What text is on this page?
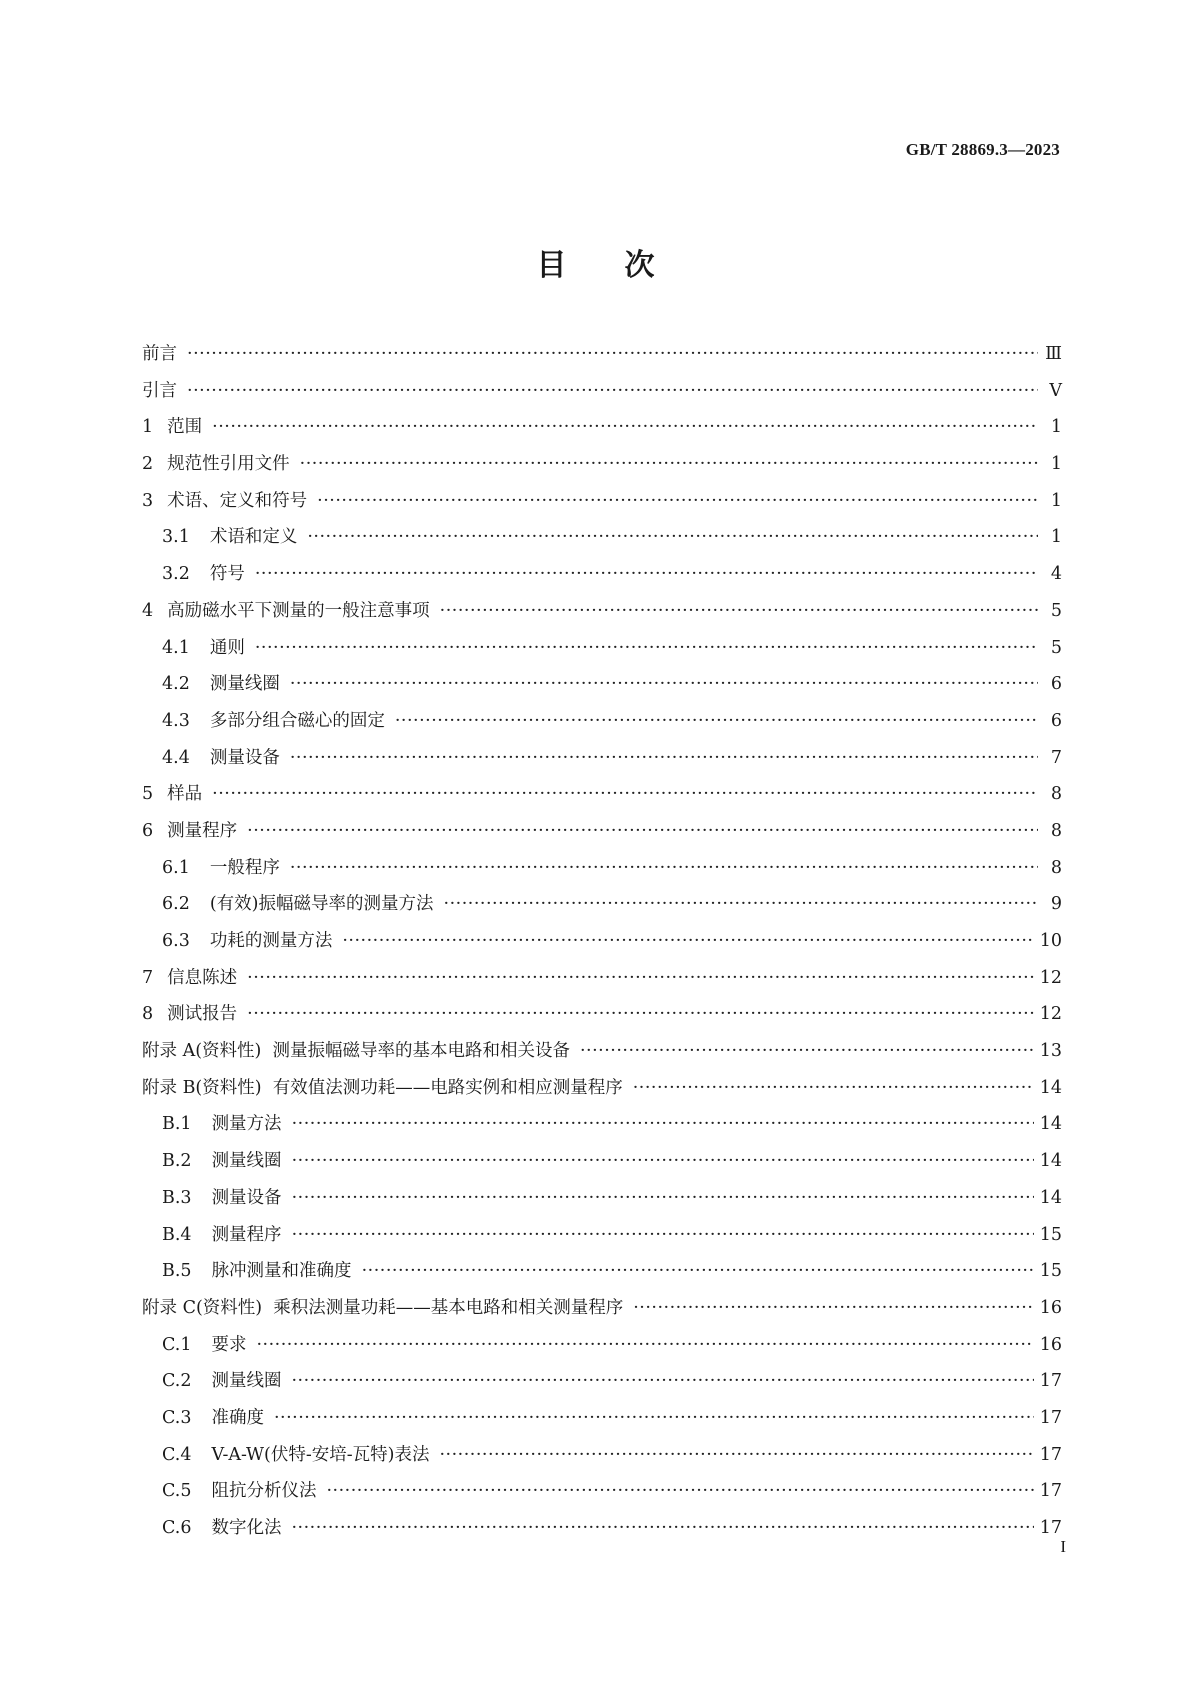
GB/T 28869.3—2023
目次
前言 ·····	Ⅲ
引言 ·····	Ⅴ
1 范围 ·····	1
2 规范性引用文件 ·····	1
3 术语、定义和符号 ·····	1
3.1 术语和定义 ·····	1
3.2 符号 ·····	4
4 高励磁水平下测量的一般注意事项 ·····	5
4.1 通则 ·····	5
4.2 测量线圈 ·····	6
4.3 多部分组合磁心的固定 ·····	6
4.4 测量设备 ·····	7
5 样品 ·····	8
6 测量程序 ·····	8
6.1 一般程序 ·····	8
6.2 (有效)振幅磁导率的测量方法 ·····	9
6.3 功耗的测量方法 ·····	10
7 信息陈述 ·····	12
8 测试报告 ·····	12
附录 A(资料性)  测量振幅磁导率的基本电路和相关设备 ·····	13
附录 B(资料性)  有效值法测功耗——电路实例和相应测量程序 ·····	14
B.1 测量方法 ·····	14
B.2 测量线圈 ·····	14
B.3 测量设备 ·····	14
B.4 测量程序 ·····	15
B.5 脉冲测量和准确度 ·····	15
附录 C(资料性)  乘积法测量功耗——基本电路和相关测量程序 ·····	16
C.1 要求 ·····	16
C.2 测量线圈 ·····	17
C.3 准确度 ·····	17
C.4 V-A-W(伏特-安培-瓦特)表法 ·····	17
C.5 阻抗分析仪法 ·····	17
C.6 数字化法 ·····	17
I
